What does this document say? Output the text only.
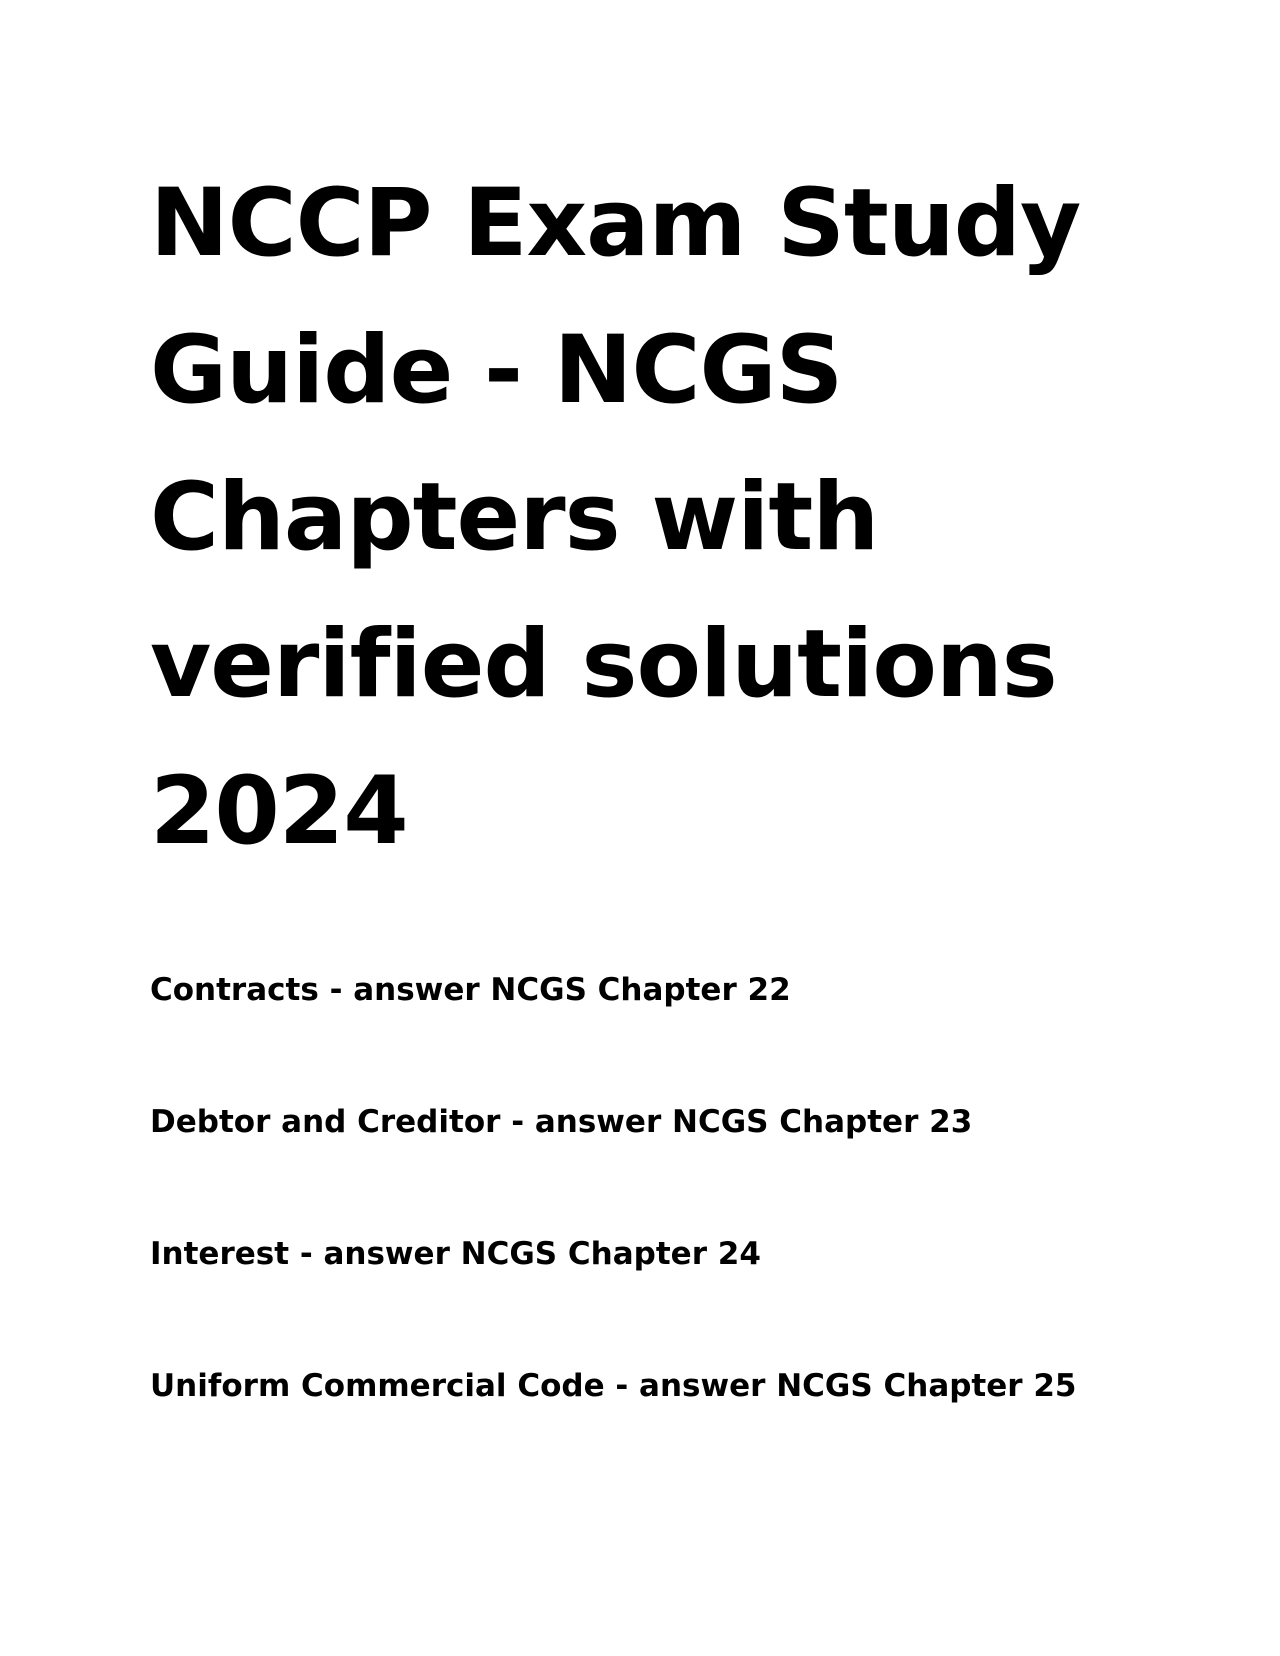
NCCP Exam Study Guide - NCGS Chapters with verified solutions 2024
Contracts - answer NCGS Chapter 22
Debtor and Creditor - answer NCGS Chapter 23
Interest - answer NCGS Chapter 24
Uniform Commercial Code - answer NCGS Chapter 25
